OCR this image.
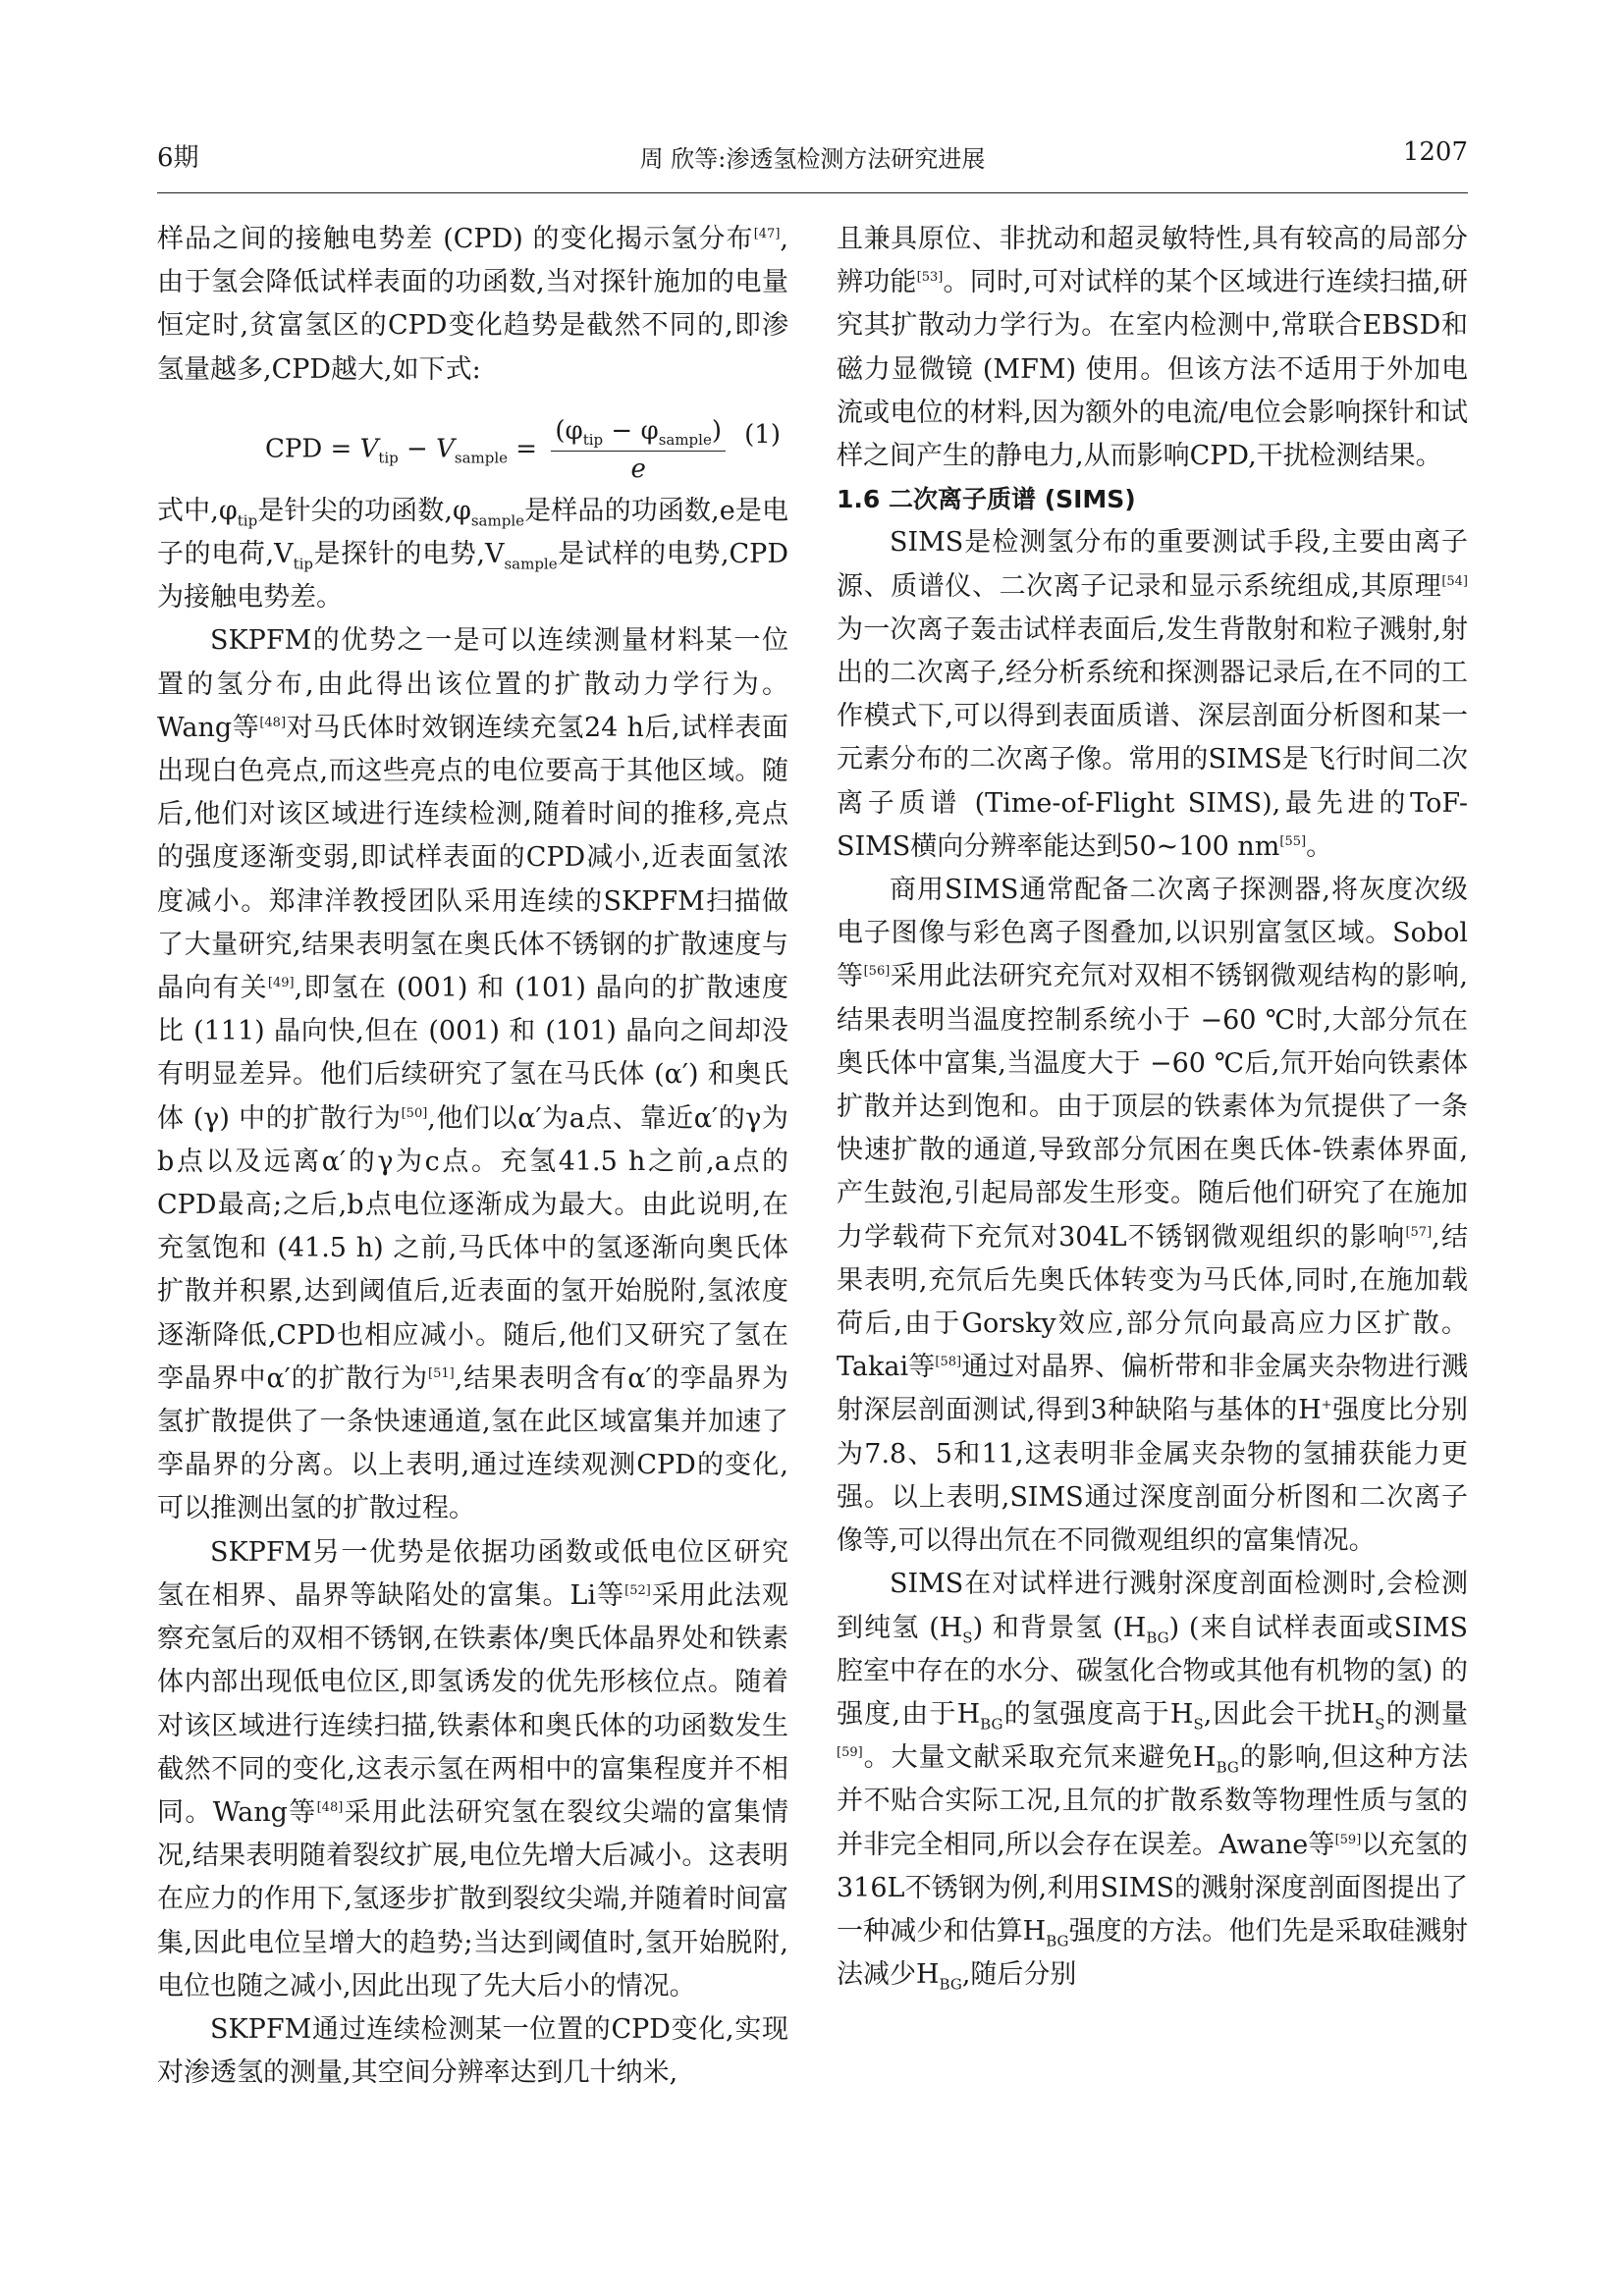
6期	周 欣等:渗透氢检测方法研究进展	1207

样品之间的接触电势差 (CPD) 的变化揭示氢分布[47],由于氢会降低试样表面的功函数,当对探针施加的电量恒定时,贫富氢区的CPD变化趋势是截然不同的,即渗氢量越多,CPD越大,如下式:

CPD = $V_{tip} - V_{sample} = \frac{(\varphi_{tip} - \varphi_{sample})}{e} (1)$

式中$,\varphi_{tip}$是针尖的功函数$,\varphi_{sample}$是样品的功函数,e是电子的电荷$,V_{tip}$是探针的电势$,V_{sample}$是试样的电势,CPD为接触电势差。

SKPFM的优势之一是可以连续测量材料某一位置的氢分布,由此得出该位置的扩散动力学行为。Wang等[48]对马氏体时效钢连续充氢24 h后,试样表面出现白色亮点,而这些亮点的电位要高于其他区域。随后,他们对该区域进行连续检测,随着时间的推移,亮点的强度逐渐变弱,即试样表面的CPD减小,近表面氢浓度减小。郑津洋教授团队采用连续的SKPFM扫描做了大量研究,结果表明氢在奥氏体不锈钢的扩散速度与晶向有关[49],即氢在 (001) 和 (101) 晶向的扩散速度比 (111) 晶向快,但在 (001) 和 (101) 晶向之间却没有明显差异。他们后续研究了氢在马氏体 (α′) 和奥氏体 (γ) 中的扩散行为[50],他们以α′为a点、靠近α′的γ为b点以及远离α′的γ为c点。充氢41.5 h之前,a点的CPD最高;之后,b点电位逐渐成为最大。由此说明,在充氢饱和 (41.5 h) 之前,马氏体中的氢逐渐向奥氏体扩散并积累,达到阈值后,近表面的氢开始脱附,氢浓度逐渐降低,CPD也相应减小。随后,他们又研究了氢在孪晶界中α′的扩散行为[51],结果表明含有α′的孪晶界为氢扩散提供了一条快速通道,氢在此区域富集并加速了孪晶界的分离。以上表明,通过连续观测CPD的变化,可以推测出氢的扩散过程。

SKPFM另一优势是依据功函数或低电位区研究氢在相界、晶界等缺陷处的富集。Li等[52]采用此法观察充氢后的双相不锈钢,在铁素体/奥氏体晶界处和铁素体内部出现低电位区,即氢诱发的优先形核位点。随着对该区域进行连续扫描,铁素体和奥氏体的功函数发生截然不同的变化,这表示氢在两相中的富集程度并不相同。Wang等[48]采用此法研究氢在裂纹尖端的富集情况,结果表明随着裂纹扩展,电位先增大后减小。这表明在应力的作用下,氢逐步扩散到裂纹尖端,并随着时间富集,因此电位呈增大的趋势;当达到阈值时,氢开始脱附,电位也随之减小,因此出现了先大后小的情况。

SKPFM通过连续检测某一位置的CPD变化,实现对渗透氢的测量,其空间分辨率达到几十纳米,

且兼具原位、非扰动和超灵敏特性,具有较高的局部分辨功能[53]。同时,可对试样的某个区域进行连续扫描,研究其扩散动力学行为。在室内检测中,常联合EBSD和磁力显微镜 (MFM) 使用。但该方法不适用于外加电流或电位的材料,因为额外的电流/电位会影响探针和试样之间产生的静电力,从而影响CPD,干扰检测结果。

1.6 二次离子质谱 (SIMS)

SIMS是检测氢分布的重要测试手段,主要由离子源、质谱仪、二次离子记录和显示系统组成,其原理[54]为一次离子轰击试样表面后,发生背散射和粒子溅射,射出的二次离子,经分析系统和探测器记录后,在不同的工作模式下,可以得到表面质谱、深层剖面分析图和某一元素分布的二次离子像。常用的SIMS是飞行时间二次离子质谱 (Time-of-Flight SIMS),最先进的ToF-SIMS横向分辨率能达到50~100 nm[55]。

商用SIMS通常配备二次离子探测器,将灰度次级电子图像与彩色离子图叠加,以识别富氢区域。Sobol等[56]采用此法研究充氘对双相不锈钢微观结构的影响,结果表明当温度控制系统小于 −60 ℃时,大部分氘在奥氏体中富集,当温度大于 −60 ℃后,氘开始向铁素体扩散并达到饱和。由于顶层的铁素体为氘提供了一条快速扩散的通道,导致部分氘困在奥氏体-铁素体界面,产生鼓泡,引起局部发生形变。随后他们研究了在施加力学载荷下充氘对304L不锈钢微观组织的影响[57],结果表明,充氘后先奥氏体转变为马氏体,同时,在施加载荷后,由于Gorsky效应,部分氘向最高应力区扩散。Takai等[58]通过对晶界、偏析带和非金属夹杂物进行溅射深层剖面测试,得到3种缺陷与基体的H+强度比分别为7.8、5和11,这表明非金属夹杂物的氢捕获能力更强。以上表明,SIMS通过深度剖面分析图和二次离子像等,可以得出氘在不同微观组织的富集情况。

SIMS在对试样进行溅射深度剖面检测时,会检测到纯氢 $(H_S)$ 和背景氢 $(H_{BG})$ (来自试样表面或SIMS腔室中存在的水分、碳氢化合物或其他有机物的氢) 的强度,由于$H_{BG}$的氢强度高于$H_S$,因此会干扰$H_S$的测量[59]。大量文献采取充氘来避免$H_{BG}$的影响,但这种方法并不贴合实际工况,且氘的扩散系数等物理性质与氢的并非完全相同,所以会存在误差。Awane等[59]以充氢的316L不锈钢为例,利用SIMS的溅射深度剖面图提出了一种减少和估算$H_{BG}$强度的方法。他们先是采取硅溅射法减少$H_{BG}$,随后分别
